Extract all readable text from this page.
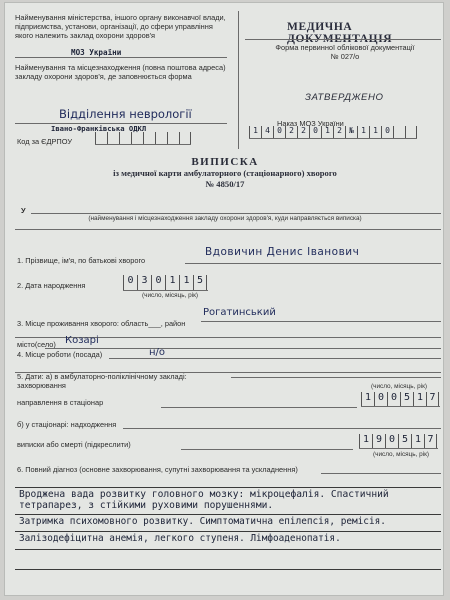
Найменування міністерства, іншого органу виконавчої влади, підприємства, установи, організації, до сфери управління якого належить заклад охорони здоров'я
МОЗ України
Найменування та місцезнаходження (повна поштова адреса) закладу охорони здоров'я, де заповнюється форма
Відділення неврології
Івано-Франківська ОДКЛ
Код за ЄДРПОУ
МЕДИЧНА ДОКУМЕНТАЦІЯ
Форма первинної облікової документації
№ 027/о
ЗАТВЕРДЖЕНО
Наказ МОЗ України
1 4 0 2 2 0 1 2 № 1 1 0
ВИПИСКА
із медичної карти амбулаторного (стаціонарного) хворого
№ 4850/17
У
(найменування і місцезнаходження закладу охорони здоров'я, куди направляється виписка)
1. Прізвище, ім'я, по батькові хворого
Вдовичин Денис Іванович
2. Дата народження	0 3 0 1 1 5
(число, місяць, рік)
3. Місце проживання хворого: область___, район
Рогатинський
місто(село) Козарі
4. Місце роботи (посада)	н/о
5. Дати: а) в амбулаторно-поліклінічному закладі:
захворювання	(число, місяць, рік)
направлення в стаціонар	1 0 0 5 1 7
б) у стаціонарі: надходження
виписки або смерті (підкреслити)	1 9 0 5 1 7
(число, місяць, рік)
6. Повний діагноз (основне захворювання, супутні захворювання та ускладнення)
Вроджена вада розвитку головного мозку: мікроцефалія. Спастичний тетрапарез, з стійкими руховими порушеннями.
Затримка психомовного розвитку. Симптоматична епілепсія, ремісія.
Залізодефіцитна анемія, легкого ступеня. Лімфоаденопатія.
